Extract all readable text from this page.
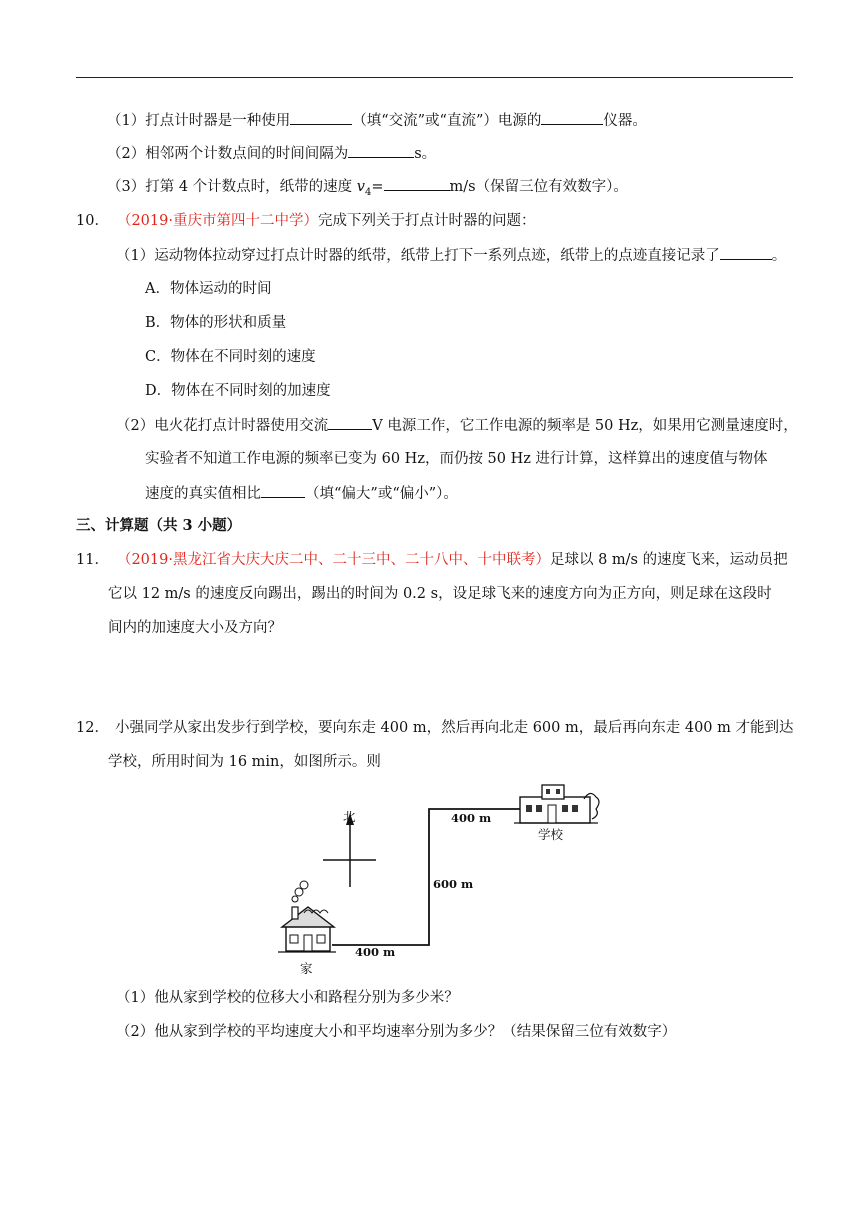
（1）打点计时器是一种使用	（填“交流”或“直流”）电源的	仪器。
（2）相邻两个计数点间的时间间隔为	s。
（3）打第 4 个计数点时，纸带的速度 $v_4=$	m/s（保留三位有效数字）。
10． （2019·重庆市第四十二中学）完成下列关于打点计时器的问题：
（1）运动物体拉动穿过打点计时器的纸带，纸带上打下一系列点迹，纸带上的点迹直接记录了	。
A．物体运动的时间
B．物体的形状和质量
C．物体在不同时刻的速度
D．物体在不同时刻的加速度
（2）电火花打点计时器使用交流	V 电源工作，它工作电源的频率是 50 Hz，如果用它测量速度时，
实验者不知道工作电源的频率已变为 60 Hz，而仍按 50 Hz 进行计算，这样算出的速度值与物体
速度的真实值相比	（填“偏大”或“偏小”）。
三、计算题（共 3 小题）
11． （2019·黑龙江省大庆大庆二中、二十三中、二十八中、十中联考）足球以 8 m/s 的速度飞来，运动员把
它以 12 m/s 的速度反向踢出，踢出的时间为 0.2 s，设足球飞来的速度方向为正方向，则足球在这段时
间内的加速度大小及方向？
12． 小强同学从家出发步行到学校，要向东走 400 m，然后再向北走 600 m，最后再向东走 400 m 才能到达
学校，所用时间为 16 min，如图所示。则
北	400 m
600 m
400 m
学校
家
（1）他从家到学校的位移大小和路程分别为多少米？
（2）他从家到学校的平均速度大小和平均速率分别为多少？（结果保留三位有效数字）
